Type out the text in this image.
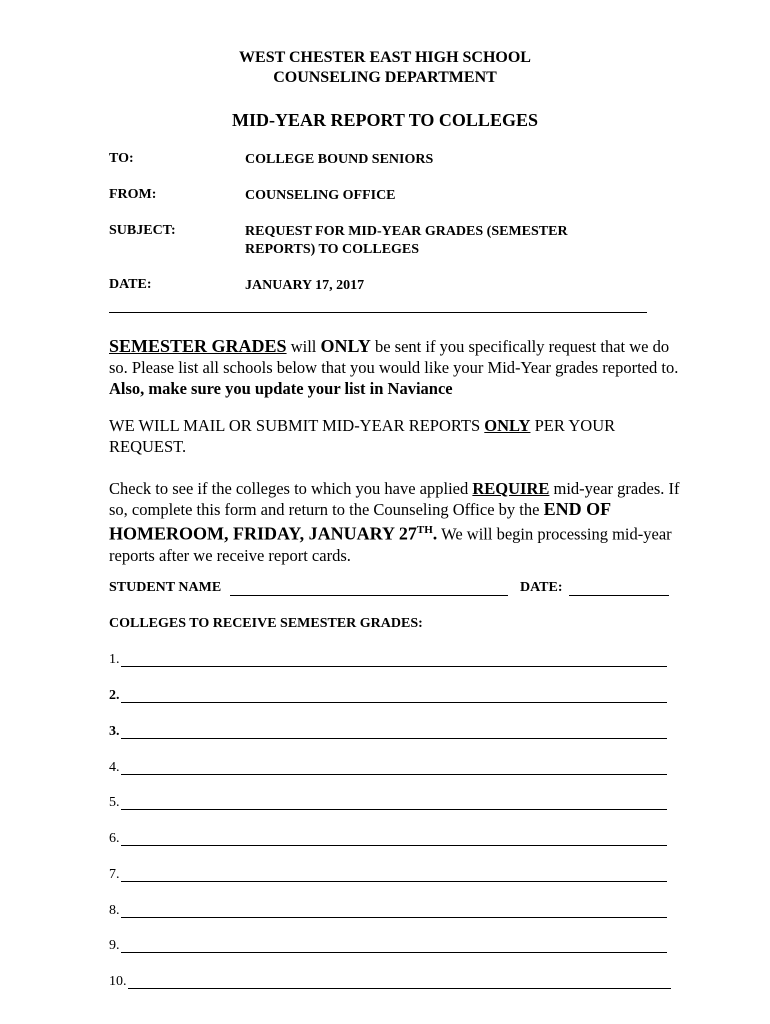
WEST CHESTER EAST HIGH SCHOOL
COUNSELING DEPARTMENT
MID-YEAR REPORT TO COLLEGES
TO:	COLLEGE BOUND SENIORS
FROM:	COUNSELING OFFICE
SUBJECT:	REQUEST FOR MID-YEAR GRADES (SEMESTER
REPORTS) TO COLLEGES
DATE:	JANUARY 17, 2017
SEMESTER GRADES will ONLY be sent if you specifically request that we do so. Please list all schools below that you would like your Mid-Year grades reported to. Also, make sure you update your list in Naviance
WE WILL MAIL OR SUBMIT MID-YEAR REPORTS ONLY PER YOUR REQUEST.
Check to see if the colleges to which you have applied REQUIRE mid-year grades. If so, complete this form and return to the Counseling Office by the END OF HOMEROOM, FRIDAY, JANUARY 27TH. We will begin processing mid-year reports after we receive report cards.
STUDENT NAME	DATE:
COLLEGES TO RECEIVE SEMESTER GRADES:
1.
2.
3.
4.
5.
6.
7.
8.
9.
10.
